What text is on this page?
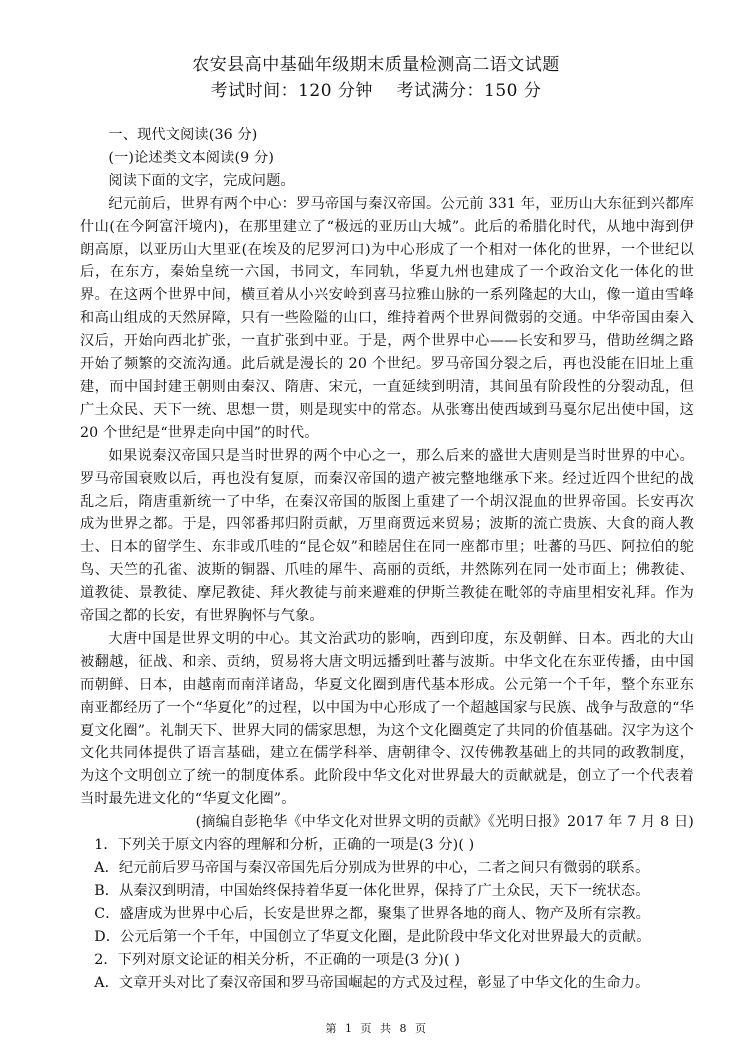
农安县高中基础年级期末质量检测高二语文试题
考试时间：120 分钟    考试满分：150 分

一、现代文阅读(36 分)

(一)论述类文本阅读(9 分)

阅读下面的文字，完成问题。

纪元前后，世界有两个中心：罗马帝国与秦汉帝国。公元前 331 年，亚历山大东征到兴都库什山(在今阿富汗境内)，在那里建立了“极远的亚历山大城”。此后的希腊化时代，从地中海到伊朗高原，以亚历山大里亚(在埃及的尼罗河口)为中心形成了一个相对一体化的世界，一个世纪以后，在东方，秦始皇统一六国，书同文，车同轨，华夏九州也建成了一个政治文化一体化的世界。在这两个世界中间，横亘着从小兴安岭到喜马拉雅山脉的一系列隆起的大山，像一道由雪峰和高山组成的天然屏障，只有一些险隘的山口，维持着两个世界间微弱的交通。中华帝国由秦入汉后，开始向西北扩张，一直扩张到中亚。于是，两个世界中心——长安和罗马，借助丝绸之路开始了频繁的交流沟通。此后就是漫长的 20 个世纪。罗马帝国分裂之后，再也没能在旧址上重建，而中国封建王朝则由秦汉、隋唐、宋元，一直延续到明清，其间虽有阶段性的分裂动乱，但广土众民、天下一统、思想一贯，则是现实中的常态。从张骞出使西域到马戛尔尼出使中国，这 20 个世纪是“世界走向中国”的时代。

如果说秦汉帝国只是当时世界的两个中心之一，那么后来的盛世大唐则是当时世界的中心。罗马帝国衰败以后，再也没有复原，而秦汉帝国的遗产被完整地继承下来。经过近四个世纪的战乱之后，隋唐重新统一了中华，在秦汉帝国的版图上重建了一个胡汉混血的世界帝国。长安再次成为世界之都。于是，四邻番邦归附贡献，万里商贾远来贸易；波斯的流亡贵族、大食的商人教士、日本的留学生、东非或爪哇的“昆仑奴”和睦居住在同一座都市里；吐蕃的马匹、阿拉伯的鸵鸟、天竺的孔雀、波斯的铜器、爪哇的犀牛、高丽的贡纸，井然陈列在同一处市面上；佛教徒、道教徒、景教徒、摩尼教徒、拜火教徒与前来避难的伊斯兰教徒在毗邻的寺庙里相安礼拜。作为帝国之都的长安，有世界胸怀与气象。

大唐中国是世界文明的中心。其文治武功的影响，西到印度，东及朝鲜、日本。西北的大山被翻越，征战、和亲、贡纳，贸易将大唐文明远播到吐蕃与波斯。中华文化在东亚传播，由中国而朝鲜、日本，由越南而南洋诸岛，华夏文化圈到唐代基本形成。公元第一个千年，整个东亚东南亚都经历了一个“华夏化”的过程，以中国为中心形成了一个超越国家与民族、战争与敌意的“华夏文化圈”。礼制天下、世界大同的儒家思想，为这个文化圈奠定了共同的价值基础。汉字为这个文化共同体提供了语言基础，建立在儒学科举、唐朝律令、汉传佛教基础上的共同的政教制度，为这个文明创立了统一的制度体系。此阶段中华文化对世界最大的贡献就是，创立了一个代表着当时最先进文化的“华夏文化圈”。

(摘编自彭艳华《中华文化对世界文明的贡献》《光明日报》2017 年 7 月 8 日)

1．下列关于原文内容的理解和分析，正确的一项是(3 分)( )

A．纪元前后罗马帝国与秦汉帝国先后分别成为世界的中心，二者之间只有微弱的联系。

B．从秦汉到明清，中国始终保持着华夏一体化世界，保持了广土众民，天下一统状态。

C．盛唐成为世界中心后，长安是世界之都，聚集了世界各地的商人、物产及所有宗教。

D．公元后第一个千年，中国创立了华夏文化圈，是此阶段中华文化对世界最大的贡献。

2．下列对原文论证的相关分析，不正确的一项是(3 分)( )

A．文章开头对比了秦汉帝国和罗马帝国崛起的方式及过程，彰显了中华文化的生命力。

第  1  页  共  8  页
